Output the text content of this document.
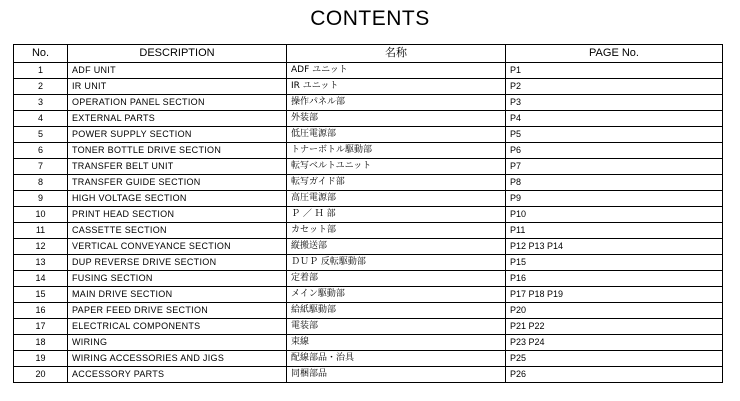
CONTENTS
No.	DESCRIPTION	名称	PAGE No.
1	ADF UNIT	ADF ユニット	P1
2	IR UNIT	IR ユニット	P2
3	OPERATION PANEL SECTION	操作パネル部	P3
4	EXTERNAL PARTS	外装部	P4
5	POWER SUPPLY SECTION	低圧電源部	P5
6	TONER BOTTLE DRIVE SECTION	トナーボトル駆動部	P6
7	TRANSFER BELT UNIT	転写ベルトユニット	P7
8	TRANSFER GUIDE SECTION	転写ガイド部	P8
9	HIGH VOLTAGE SECTION	高圧電源部	P9
10	PRINT HEAD SECTION	Ｐ ／ Ｈ 部	P10
11	CASSETTE SECTION	カセット部	P11
12	VERTICAL CONVEYANCE SECTION	縦搬送部	P12 P13 P14
13	DUP REVERSE DRIVE SECTION	ＤＵＰ 反転駆動部	P15
14	FUSING SECTION	定着部	P16
15	MAIN DRIVE SECTION	メイン駆動部	P17 P18 P19
16	PAPER FEED DRIVE SECTION	給紙駆動部	P20
17	ELECTRICAL COMPONENTS	電装部	P21 P22
18	WIRING	束線	P23 P24
19	WIRING ACCESSORIES AND JIGS	配線部品・治具	P25
20	ACCESSORY PARTS	同梱部品	P26
